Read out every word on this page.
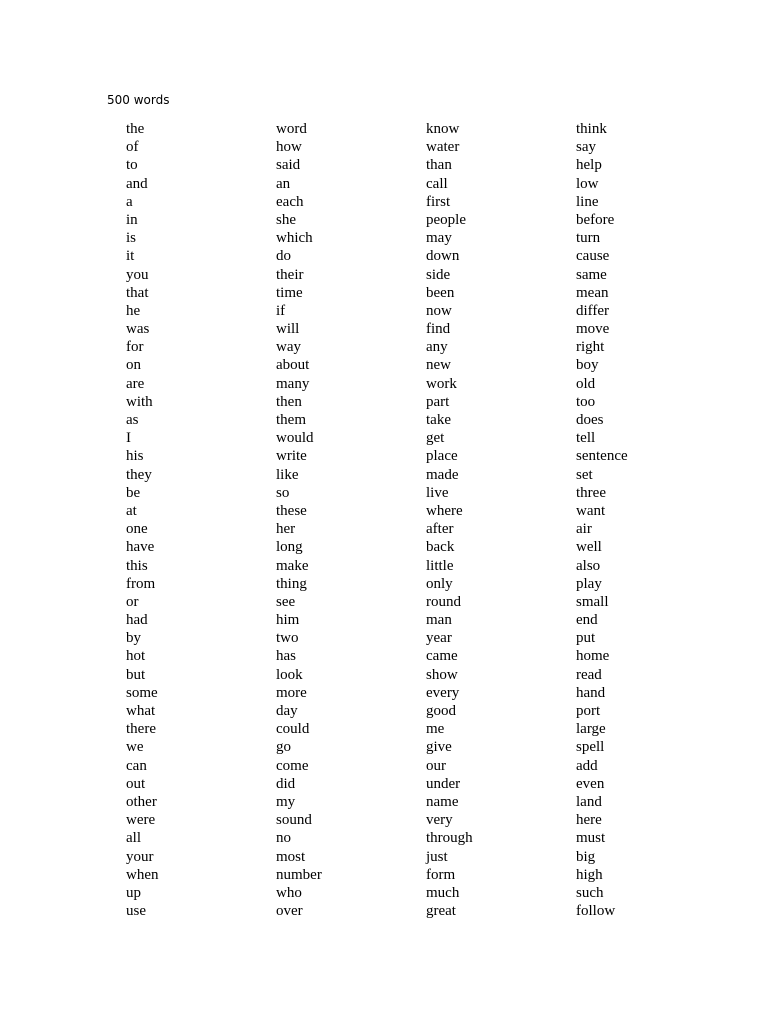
500 words
the
of
to
and
a
in
is
it
you
that
he
was
for
on
are
with
as
I
his
they
be
at
one
have
this
from
or
had
by
hot
but
some
what
there
we
can
out
other
were
all
your
when
up
use
word
how
said
an
each
she
which
do
their
time
if
will
way
about
many
then
them
would
write
like
so
these
her
long
make
thing
see
him
two
has
look
more
day
could
go
come
did
my
sound
no
most
number
who
over
know
water
than
call
first
people
may
down
side
been
now
find
any
new
work
part
take
get
place
made
live
where
after
back
little
only
round
man
year
came
show
every
good
me
give
our
under
name
very
through
just
form
much
great
think
say
help
low
line
before
turn
cause
same
mean
differ
move
right
boy
old
too
does
tell
sentence
set
three
want
air
well
also
play
small
end
put
home
read
hand
port
large
spell
add
even
land
here
must
big
high
such
follow
